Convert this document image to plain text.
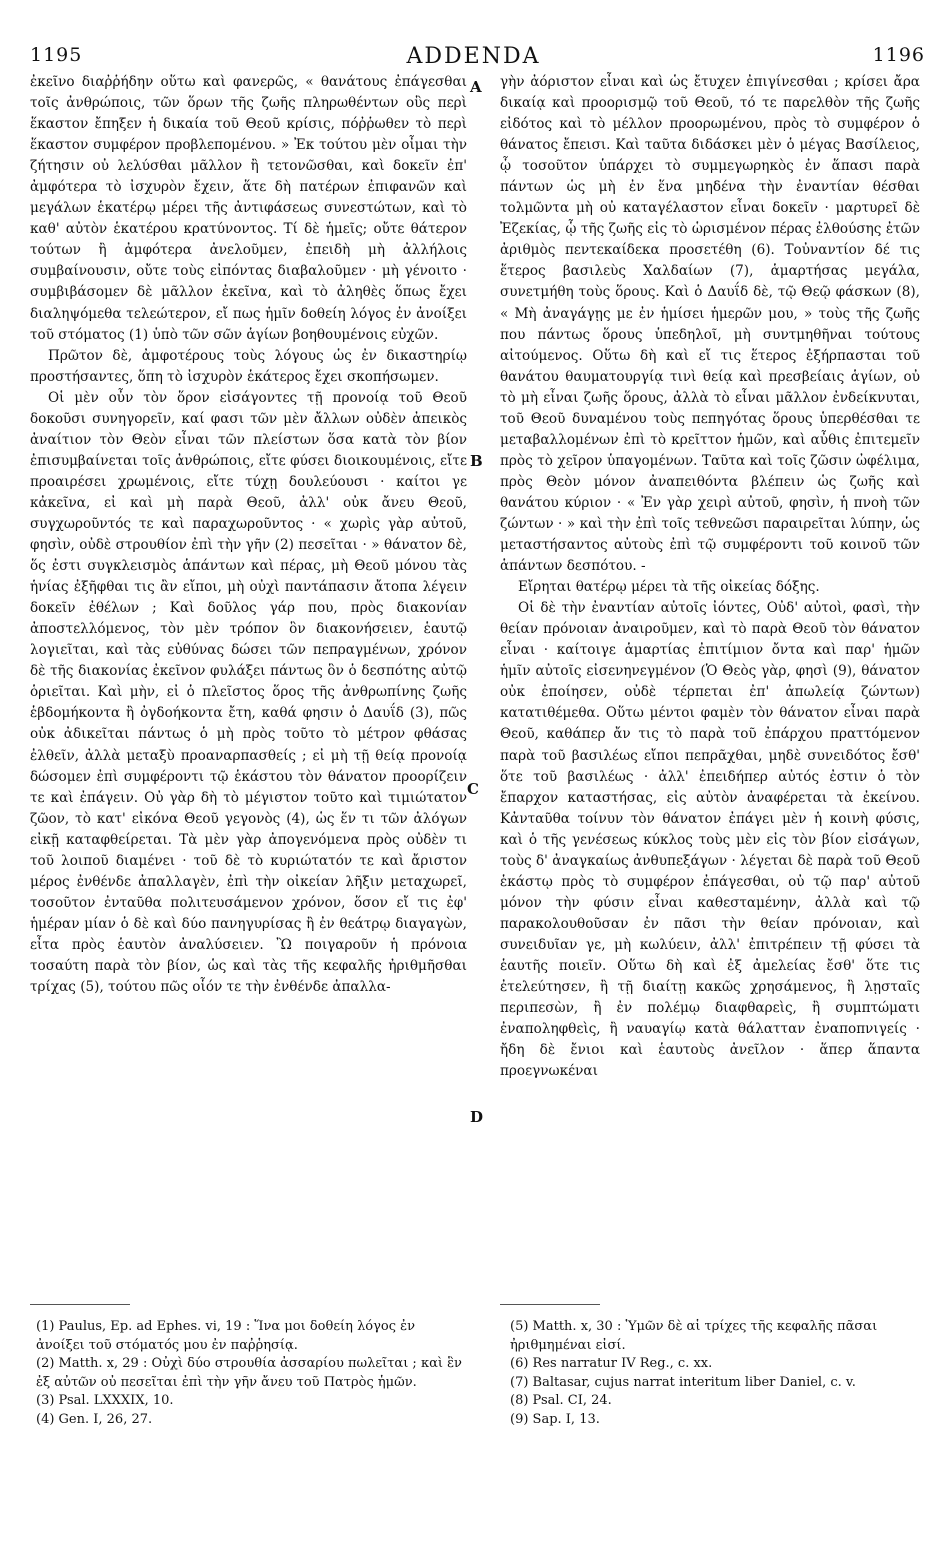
1195	ADDENDA	1196
A
B
C
D

ἐκεῖνο διαῤῥήδην οὕτω καὶ φανερῶς, « θανάτους ἐπάγεσθαι τοῖς ἀνθρώποις, τῶν ὅρων τῆς ζωῆς πληρωθέντων οὓς περὶ ἕκαστον ἔπηξεν ἡ δικαία τοῦ Θεοῦ κρίσις, πόῤῥωθεν τὸ περὶ ἕκαστον συμφέρον προβλεπομένου. » Ἐκ τούτου μὲν οἶμαι τὴν ζήτησιν οὐ λελύσθαι μᾶλλον ἢ τετονῶσθαι, καὶ δοκεῖν ἐπ' ἀμφότερα τὸ ἰσχυρὸν ἔχειν, ἅτε δὴ πατέρων ἐπιφανῶν καὶ μεγάλων ἑκατέρῳ μέρει τῆς ἀντιφάσεως συνεστώτων, καὶ τὸ καθ' αὐτὸν ἑκατέρου κρατύνοντος. Τί δὲ ἡμεῖς; οὔτε θάτερον τούτων ἢ ἀμφότερα ἀνελοῦμεν, ἐπειδὴ μὴ ἀλλήλοις συμβαίνουσιν, οὔτε τοὺς εἰπόντας διαβαλοῦμεν · μὴ γένοιτο · συμβιβάσομεν δὲ μᾶλλον ἐκεῖνα, καὶ τὸ ἀληθὲς ὅπως ἔχει διαληψόμεθα τελεώτερον, εἴ πως ἡμῖν δοθείη λόγος ἐν ἀνοίξει τοῦ στόματος (1) ὑπὸ τῶν σῶν ἁγίων βοηθουμένοις εὐχῶν.

Πρῶτον δὲ, ἀμφοτέρους τοὺς λόγους ὡς ἐν δικαστηρίῳ προστήσαντες, ὅπη τὸ ἰσχυρὸν ἑκάτερος ἔχει σκοπήσωμεν.

Οἱ μὲν οὖν τὸν ὅρον εἰσάγοντες τῇ προνοίᾳ τοῦ Θεοῦ δοκοῦσι συνηγορεῖν, καί φασι τῶν μὲν ἄλλων οὐδὲν ἀπεικὸς ἀναίτιον τὸν Θεὸν εἶναι τῶν πλείστων ὅσα κατὰ τὸν βίον ἐπισυμβαίνεται τοῖς ἀνθρώποις, εἴτε φύσει διοικουμένοις, εἴτε προαιρέσει χρωμένοις, εἴτε τύχῃ δουλεύουσι · καίτοι γε κἀκεῖνα, εἰ καὶ μὴ παρὰ Θεοῦ, ἀλλ' οὐκ ἄνευ Θεοῦ, συγχωροῦντός τε καὶ παραχωροῦντος · « χωρὶς γὰρ αὐτοῦ, φησὶν, οὐδὲ στρουθίον ἐπὶ τὴν γῆν (2) πεσεῖται · » θάνατον δὲ, ὅς ἐστι συγκλεισμὸς ἁπάντων καὶ πέρας, μὴ Θεοῦ μόνου τὰς ἡνίας ἐξῆφθαι τις ἂν εἴποι, μὴ οὐχὶ παντάπασιν ἄτοπα λέγειν δοκεῖν ἐθέλων ; Καὶ δοῦλος γάρ που, πρὸς διακονίαν ἀποστελλόμενος, τὸν μὲν τρόπον ὃν διακονήσειεν, ἑαυτῷ λογιεῖται, καὶ τὰς εὐθύνας δώσει τῶν πεπραγμένων, χρόνον δὲ τῆς διακονίας ἐκεῖνον φυλάξει πάντως ὃν ὁ δεσπότης αὐτῷ ὁριεῖται. Καὶ μὴν, εἰ ὁ πλεῖστος ὅρος τῆς ἀνθρωπίνης ζωῆς ἑβδομήκοντα ἢ ὀγδοήκοντα ἔτη, καθά φησιν ὁ Δαυΐδ (3), πῶς οὐκ ἀδικεῖται πάντως ὁ μὴ πρὸς τοῦτο τὸ μέτρον φθάσας ἐλθεῖν, ἀλλὰ μεταξὺ προαναρπασθείς ; εἰ μὴ τῇ θείᾳ προνοίᾳ δώσομεν ἐπὶ συμφέροντι τῷ ἑκάστου τὸν θάνατον προορίζειν τε καὶ ἐπάγειν. Οὐ γὰρ δὴ τὸ μέγιστον τοῦτο καὶ τιμιώτατον ζῶον, τὸ κατ' εἰκόνα Θεοῦ γεγονὸς (4), ὡς ἕν τι τῶν ἀλόγων εἰκῇ καταφθείρεται. Τὰ μὲν γὰρ ἀπογενόμενα πρὸς οὐδὲν τι τοῦ λοιποῦ διαμένει · τοῦ δὲ τὸ κυριώτατόν τε καὶ ἄριστον μέρος ἐνθένδε ἀπαλλαγὲν, ἐπὶ τὴν οἰκείαν λῆξιν μεταχωρεῖ, τοσοῦτον ἐνταῦθα πολιτευσάμενον χρόνον, ὅσον εἴ τις ἐφ' ἡμέραν μίαν ὁ δὲ καὶ δύο πανηγυρίσας ἢ ἐν θεάτρῳ διαγαγὼν, εἶτα πρὸς ἑαυτὸν ἀναλύσειεν. Ὢ ποιγαροῦν ἡ πρόνοια τοσαύτη παρὰ τὸν βίον, ὡς καὶ τὰς τῆς κεφαλῆς ἠριθμῆσθαι τρίχας (5), τούτου πῶς οἷόν τε τὴν ἐνθένδε ἀπαλλα-

γὴν ἀόριστον εἶναι καὶ ὡς ἔτυχεν ἐπιγίνεσθαι ; κρίσει ἄρα δικαίᾳ καὶ προορισμῷ τοῦ Θεοῦ, τό τε παρελθὸν τῆς ζωῆς εἰδότος καὶ τὸ μέλλον προορωμένου, πρὸς τὸ συμφέρον ὁ θάνατος ἔπεισι. Καὶ ταῦτα διδάσκει μὲν ὁ μέγας Βασίλειος, ᾧ τοσοῦτον ὑπάρχει τὸ συμμεγωρηκὸς ἐν ἅπασι παρὰ πάντων ὡς μὴ ἐν ἕνα μηδένα τὴν ἐναντίαν θέσθαι τολμῶντα μὴ οὐ καταγέλαστον εἶναι δοκεῖν · μαρτυρεῖ δὲ Ἐζεκίας, ᾧ τῆς ζωῆς εἰς τὸ ὡρισμένον πέρας ἐλθούσης ἐτῶν ἀριθμὸς πεντεκαίδεκα προσετέθη (6). Τοὐναντίον δέ τις ἕτερος βασιλεὺς Χαλδαίων (7), ἁμαρτήσας μεγάλα, συνετμήθη τοὺς ὅρους. Καὶ ὁ Δαυΐδ δὲ, τῷ Θεῷ φάσκων (8), « Μὴ ἀναγάγῃς με ἐν ἡμίσει ἡμερῶν μου, » τοὺς τῆς ζωῆς που πάντως ὅρους ὑπεδηλοῖ, μὴ συντμηθῆναι τούτους αἰτούμενος. Οὕτω δὴ καὶ εἴ τις ἕτερος ἐξήρπασται τοῦ θανάτου θαυματουργίᾳ τινὶ θείᾳ καὶ πρεσβείαις ἁγίων, οὐ τὸ μὴ εἶναι ζωῆς ὅρους, ἀλλὰ τὸ εἶναι μᾶλλον ἐνδείκνυται, τοῦ Θεοῦ δυναμένου τοὺς πεπηγότας ὅρους ὑπερθέσθαι τε μεταβαλλομένων ἐπὶ τὸ κρεῖττον ἡμῶν, καὶ αὖθις ἐπιτεμεῖν πρὸς τὸ χεῖρον ὑπαγομένων. Ταῦτα καὶ τοῖς ζῶσιν ὠφέλιμα, πρὸς Θεὸν μόνον ἀναπειθόντα βλέπειν ὡς ζωῆς καὶ θανάτου κύριον · « Ἐν γὰρ χειρὶ αὐτοῦ, φησὶν, ἡ πνοὴ τῶν ζώντων · » καὶ τὴν ἐπὶ τοῖς τεθνεῶσι παραιρεῖται λύπην, ὡς μεταστήσαντος αὐτοὺς ἐπὶ τῷ συμφέροντι τοῦ κοινοῦ τῶν ἁπάντων δεσπότου. -

Εἴρηται θατέρῳ μέρει τὰ τῆς οἰκείας δόξης.

Οἱ δὲ τὴν ἐναντίαν αὐτοῖς ἰόντες, Οὐδ' αὐτοὶ, φασὶ, τὴν θείαν πρόνοιαν ἀναιροῦμεν, καὶ τὸ παρὰ Θεοῦ τὸν θάνατον εἶναι · καίτοιγε ἁμαρτίας ἐπιτίμιον ὄντα καὶ παρ' ἡμῶν ἡμῖν αὐτοῖς εἰσενηνεγμένον (Ὁ Θεὸς γὰρ, φησὶ (9), θάνατον οὐκ ἐποίησεν, οὐδὲ τέρπεται ἐπ' ἀπωλείᾳ ζώντων) κατατιθέμεθα. Οὕτω μέντοι φαμὲν τὸν θάνατον εἶναι παρὰ Θεοῦ, καθάπερ ἄν τις τὸ παρὰ τοῦ ἐπάρχου πραττόμενον παρὰ τοῦ βασιλέως εἴποι πεπρᾶχθαι, μηδὲ συνειδότος ἔσθ' ὅτε τοῦ βασιλέως · ἀλλ' ἐπειδήπερ αὐτός ἐστιν ὁ τὸν ἔπαρχον καταστήσας, εἰς αὐτὸν ἀναφέρεται τὰ ἐκείνου. Κἀνταῦθα τοίνυν τὸν θάνατον ἐπάγει μὲν ἡ κοινὴ φύσις, καὶ ὁ τῆς γενέσεως κύκλος τοὺς μὲν εἰς τὸν βίον εἰσάγων, τοὺς δ' ἀναγκαίως ἀνθυπεξάγων · λέγεται δὲ παρὰ τοῦ Θεοῦ ἑκάστῳ πρὸς τὸ συμφέρον ἐπάγεσθαι, οὐ τῷ παρ' αὐτοῦ μόνον τὴν φύσιν εἶναι καθεσταμένην, ἀλλὰ καὶ τῷ παρακολουθοῦσαν ἐν πᾶσι τὴν θείαν πρόνοιαν, καὶ συνειδυῖαν γε, μὴ κωλύειν, ἀλλ' ἐπιτρέπειν τῇ φύσει τὰ ἑαυτῆς ποιεῖν. Οὕτω δὴ καὶ ἐξ ἀμελείας ἔσθ' ὅτε τις ἐτελεύτησεν, ἢ τῇ διαίτῃ κακῶς χρησάμενος, ἢ λῃσταῖς περιπεσὼν, ἢ ἐν πολέμῳ διαφθαρεὶς, ἢ συμπτώματι ἐναποληφθεὶς, ἢ ναυαγίῳ κατὰ θάλατταν ἐναποπνιγείς · ἤδη δὲ ἔνιοι καὶ ἑαυτοὺς ἀνεῖλον · ἅπερ ἅπαντα προεγνωκέναι

(1) Paulus, Ep. ad Ephes. vi, 19 : Ἵνα μοι δοθείη λόγος ἐν ἀνοίξει τοῦ στόματός μου ἐν παῤῥησίᾳ.
(2) Matth. x, 29 : Οὐχὶ δύο στρουθία ἀσσαρίου πωλεῖται ; καὶ ἓν ἐξ αὐτῶν οὐ πεσεῖται ἐπὶ τὴν γῆν ἄνευ τοῦ Πατρὸς ἡμῶν.
(3) Psal. LXXXIX, 10.
(4) Gen. I, 26, 27.
(5) Matth. x, 30 : Ὑμῶν δὲ αἱ τρίχες τῆς κεφαλῆς πᾶσαι ἠριθμημέναι εἰσί.
(6) Res narratur IV Reg., c. xx.
(7) Baltasar, cujus narrat interitum liber Daniel, c. v.
(8) Psal. CI, 24.
(9) Sap. I, 13.
